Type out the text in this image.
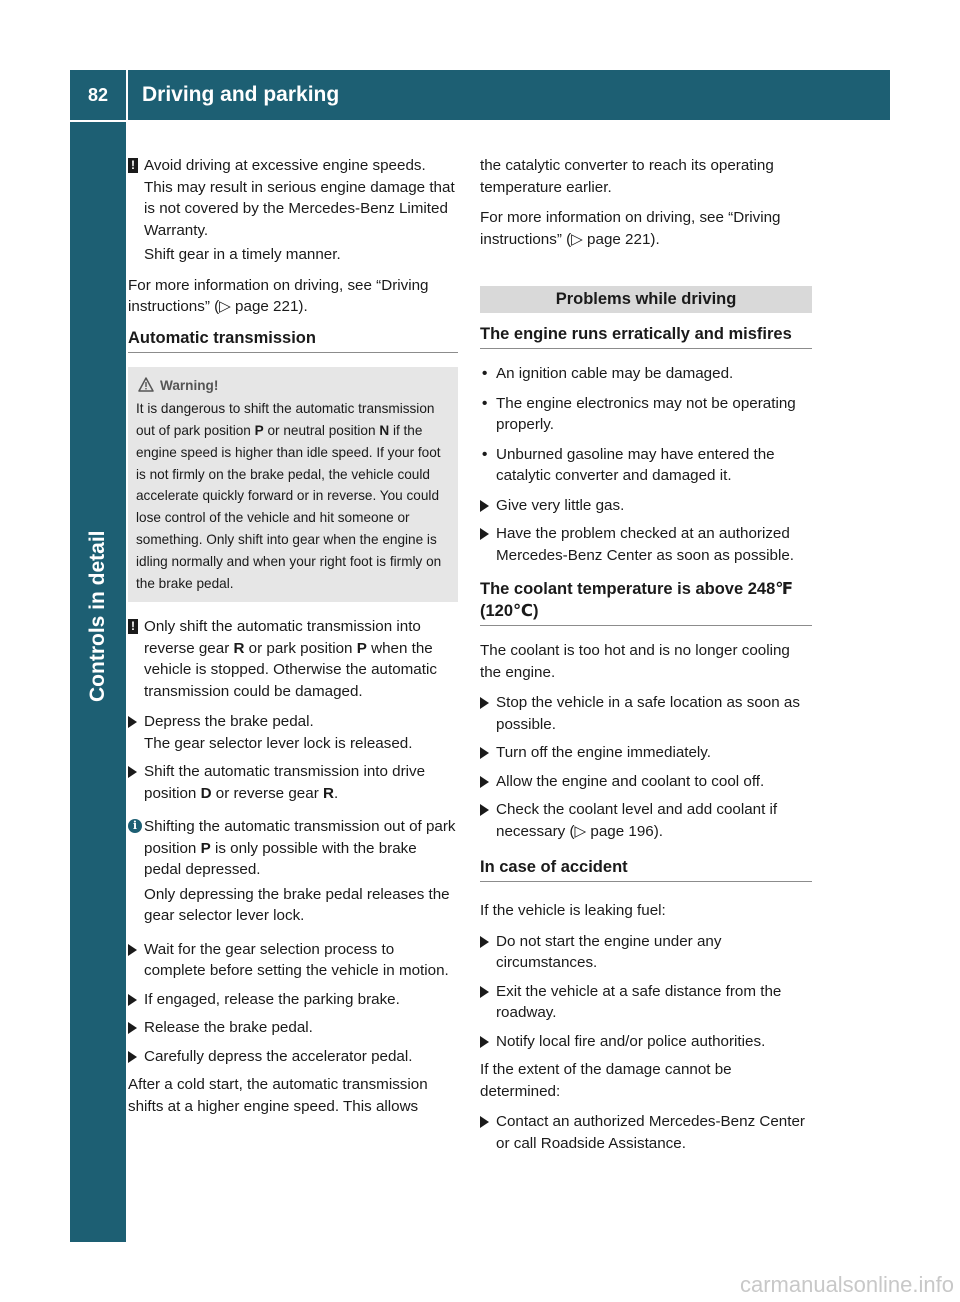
82	Driving and parking
Controls in detail
! Avoid driving at excessive engine speeds. This may result in serious engine damage that is not covered by the Mercedes-Benz Limited Warranty.
Shift gear in a timely manner.

For more information on driving, see “Driving instructions” (▷ page 221).

Automatic transmission
Warning!
It is dangerous to shift the automatic transmission out of park position P or neutral position N if the engine speed is higher than idle speed. If your foot is not firmly on the brake pedal, the vehicle could accelerate quickly forward or in reverse. You could lose control of the vehicle and hit someone or something. Only shift into gear when the engine is idling normally and when your right foot is firmly on the brake pedal.
! Only shift the automatic transmission into reverse gear R or park position P when the vehicle is stopped. Otherwise the automatic transmission could be damaged.
Depress the brake pedal.
The gear selector lever lock is released.
Shift the automatic transmission into drive position D or reverse gear R.
i Shifting the automatic transmission out of park position P is only possible with the brake pedal depressed.
Only depressing the brake pedal releases the gear selector lever lock.
Wait for the gear selection process to complete before setting the vehicle in motion.
If engaged, release the parking brake.
Release the brake pedal.
Carefully depress the accelerator pedal.

After a cold start, the automatic transmission shifts at a higher engine speed. This allows

the catalytic converter to reach its operating temperature earlier.

For more information on driving, see “Driving instructions” (▷ page 221).

Problems while driving
The engine runs erratically and misfires
• An ignition cable may be damaged.
• The engine electronics may not be operating properly.
• Unburned gasoline may have entered the catalytic converter and damaged it.
Give very little gas.
Have the problem checked at an authorized Mercedes-Benz Center as soon as possible.
The coolant temperature is above 248℉ (120℃)

The coolant is too hot and is no longer cooling the engine.

Stop the vehicle in a safe location as soon as possible.
Turn off the engine immediately.
Allow the engine and coolant to cool off.
Check the coolant level and add coolant if necessary (▷ page 196).
In case of accident

If the vehicle is leaking fuel:

Do not start the engine under any circumstances.
Exit the vehicle at a safe distance from the roadway.
Notify local fire and/or police authorities.

If the extent of the damage cannot be determined:

Contact an authorized Mercedes-Benz Center or call Roadside Assistance.
carmanualsonline.info
